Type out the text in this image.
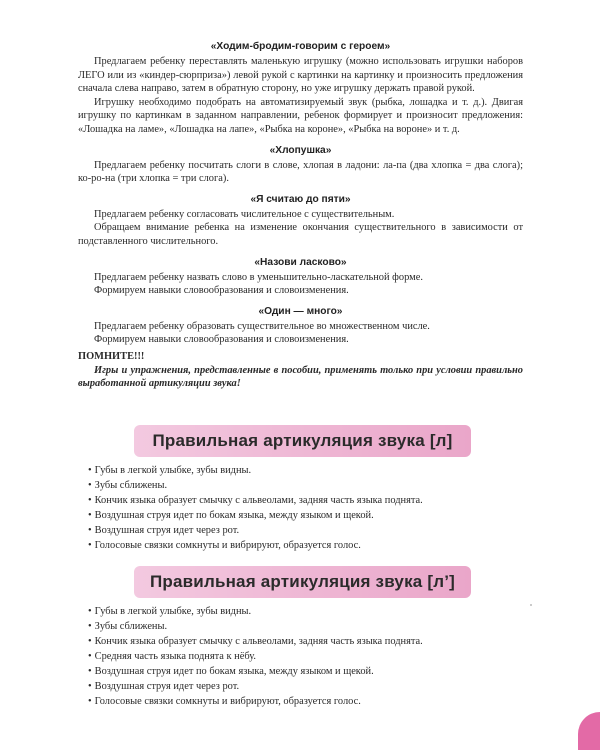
«Ходим-бродим-говорим с героем»

Предлагаем ребенку переставлять маленькую игрушку (можно использовать игрушки наборов ЛЕГО или из «киндер-сюрприза») левой рукой с картинки на картинку и произносить предложения сначала слева направо, затем в обратную сторону, но уже игрушку держать правой рукой.

Игрушку необходимо подобрать на автоматизируемый звук (рыбка, лошадка и т. д.). Двигая игрушку по картинкам в заданном направлении, ребенок формирует и произносит предложения: «Лошадка на ламе», «Лошадка на лапе», «Рыбка на короне», «Рыбка на вороне» и т. д.

«Хлопушка»

Предлагаем ребенку посчитать слоги в слове, хлопая в ладони: ла-па (два хлопка = два слога); ко-ро-на (три хлопка = три слога).

«Я считаю до пяти»

Предлагаем ребенку согласовать числительное с существительным.

Обращаем внимание ребенка на изменение окончания существительного в зависимости от подставленного числительного.

«Назови ласково»

Предлагаем ребенку назвать слово в уменьшительно-ласкательной форме.

Формируем навыки словообразования и словоизменения.

«Один — много»

Предлагаем ребенку образовать существительное во множественном числе.

Формируем навыки словообразования и словоизменения.

ПОМНИТЕ!!!

Игры и упражнения, представленные в пособии, применять только при условии правильно выработанной артикуляции звука!

Правильная артикуляция звука [л]
• Губы в легкой улыбке, зубы видны.
• Зубы сближены.
• Кончик языка образует смычку с альвеолами, задняя часть языка поднята.
• Воздушная струя идет по бокам языка, между языком и щекой.
• Воздушная струя идет через рот.
• Голосовые связки сомкнуты и вибрируют, образуется голос.
Правильная артикуляция звука [л’]
• Губы в легкой улыбке, зубы видны.
• Зубы сближены.
• Кончик языка образует смычку с альвеолами, задняя часть языка поднята.
• Средняя часть языка поднята к нёбу.
• Воздушная струя идет по бокам языка, между языком и щекой.
• Воздушная струя идет через рот.
• Голосовые связки сомкнуты и вибрируют, образуется голос.
